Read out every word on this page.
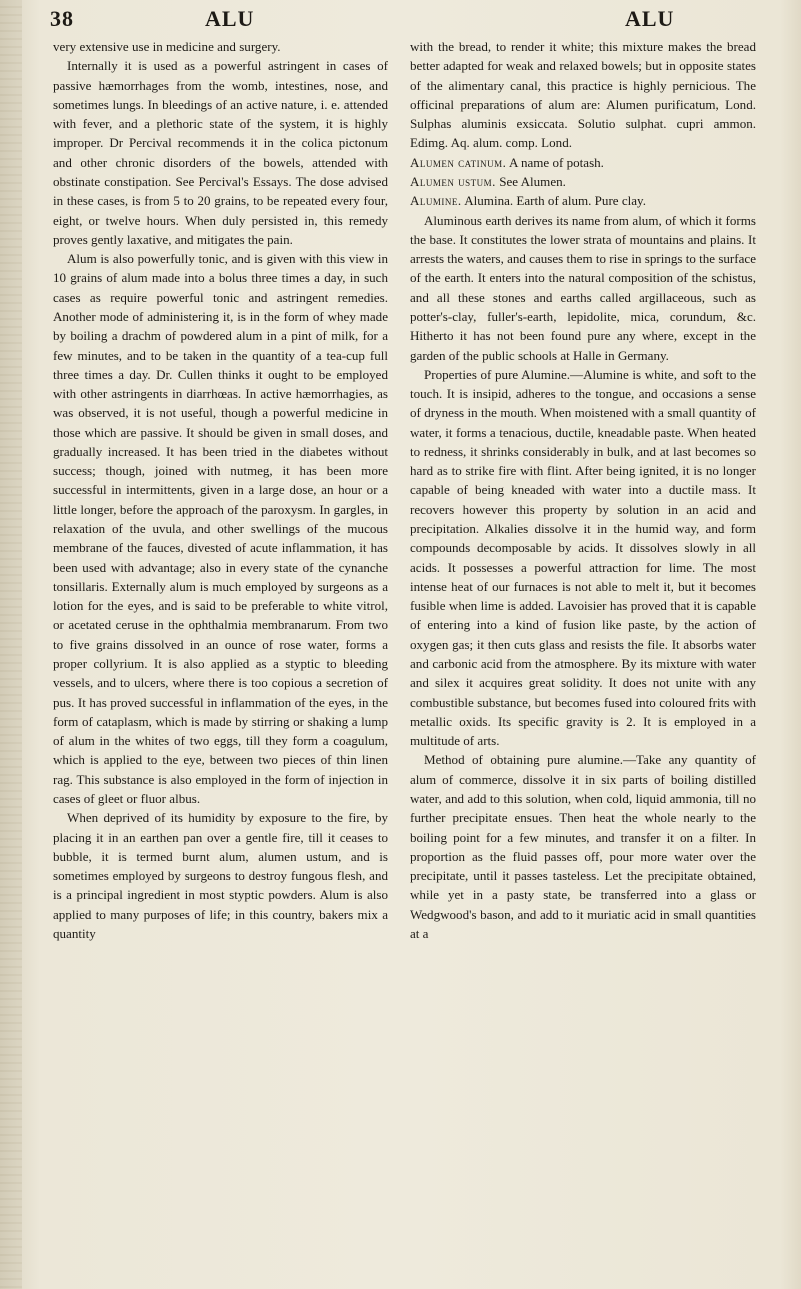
38	ALU	ALU

very extensive use in medicine and surgery.

Internally it is used as a powerful astringent in cases of passive hæmorrhages from the womb, intestines, nose, and sometimes lungs. In bleedings of an active nature, i. e. attended with fever, and a plethoric state of the system, it is highly improper. Dr Percival recommends it in the colica pictonum and other chronic disorders of the bowels, attended with obstinate constipation. See Percival's Essays. The dose advised in these cases, is from 5 to 20 grains, to be repeated every four, eight, or twelve hours. When duly persisted in, this remedy proves gently laxative, and mitigates the pain.

Alum is also powerfully tonic, and is given with this view in 10 grains of alum made into a bolus three times a day, in such cases as require powerful tonic and astringent remedies. Another mode of administering it, is in the form of whey made by boiling a drachm of powdered alum in a pint of milk, for a few minutes, and to be taken in the quantity of a tea-cup full three times a day. Dr. Cullen thinks it ought to be employed with other astringents in diarrhœas. In active hæmorrhagies, as was observed, it is not useful, though a powerful medicine in those which are passive. It should be given in small doses, and gradually increased. It has been tried in the diabetes without success; though, joined with nutmeg, it has been more successful in intermittents, given in a large dose, an hour or a little longer, before the approach of the paroxysm. In gargles, in relaxation of the uvula, and other swellings of the mucous membrane of the fauces, divested of acute inflammation, it has been used with advantage; also in every state of the cynanche tonsillaris. Externally alum is much employed by surgeons as a lotion for the eyes, and is said to be preferable to white vitrol, or acetated ceruse in the ophthalmia membranarum. From two to five grains dissolved in an ounce of rose water, forms a proper collyrium. It is also applied as a styptic to bleeding vessels, and to ulcers, where there is too copious a secretion of pus. It has proved successful in inflammation of the eyes, in the form of cataplasm, which is made by stirring or shaking a lump of alum in the whites of two eggs, till they form a coagulum, which is applied to the eye, between two pieces of thin linen rag. This substance is also employed in the form of injection in cases of gleet or fluor albus.

When deprived of its humidity by exposure to the fire, by placing it in an earthen pan over a gentle fire, till it ceases to bubble, it is termed burnt alum, alumen ustum, and is sometimes employed by surgeons to destroy fungous flesh, and is a principal ingredient in most styptic powders. Alum is also applied to many purposes of life; in this country, bakers mix a quantity

with the bread, to render it white; this mixture makes the bread better adapted for weak and relaxed bowels; but in opposite states of the alimentary canal, this practice is highly pernicious. The officinal preparations of alum are: Alumen purificatum, Lond. Sulphas aluminis exsiccata. Solutio sulphat. cupri ammon. Edimg. Aq. alum. comp. Lond.

Alumen catinum. A name of potash.

Alumen ustum. See Alumen.

Alumine. Alumina. Earth of alum. Pure clay.

Aluminous earth derives its name from alum, of which it forms the base. It constitutes the lower strata of mountains and plains. It arrests the waters, and causes them to rise in springs to the surface of the earth. It enters into the natural composition of the schistus, and all these stones and earths called argillaceous, such as potter's-clay, fuller's-earth, lepidolite, mica, corundum, &c. Hitherto it has not been found pure any where, except in the garden of the public schools at Halle in Germany.

Properties of pure Alumine.—Alumine is white, and soft to the touch. It is insipid, adheres to the tongue, and occasions a sense of dryness in the mouth. When moistened with a small quantity of water, it forms a tenacious, ductile, kneadable paste. When heated to redness, it shrinks considerably in bulk, and at last becomes so hard as to strike fire with flint. After being ignited, it is no longer capable of being kneaded with water into a ductile mass. It recovers however this property by solution in an acid and precipitation. Alkalies dissolve it in the humid way, and form compounds decomposable by acids. It dissolves slowly in all acids. It possesses a powerful attraction for lime. The most intense heat of our furnaces is not able to melt it, but it becomes fusible when lime is added. Lavoisier has proved that it is capable of entering into a kind of fusion like paste, by the action of oxygen gas; it then cuts glass and resists the file. It absorbs water and carbonic acid from the atmosphere. By its mixture with water and silex it acquires great solidity. It does not unite with any combustible substance, but becomes fused into coloured frits with metallic oxids. Its specific gravity is 2. It is employed in a multitude of arts.

Method of obtaining pure alumine.—Take any quantity of alum of commerce, dissolve it in six parts of boiling distilled water, and add to this solution, when cold, liquid ammonia, till no further precipitate ensues. Then heat the whole nearly to the boiling point for a few minutes, and transfer it on a filter. In proportion as the fluid passes off, pour more water over the precipitate, until it passes tasteless. Let the precipitate obtained, while yet in a pasty state, be transferred into a glass or Wedgwood's bason, and add to it muriatic acid in small quantities at a
